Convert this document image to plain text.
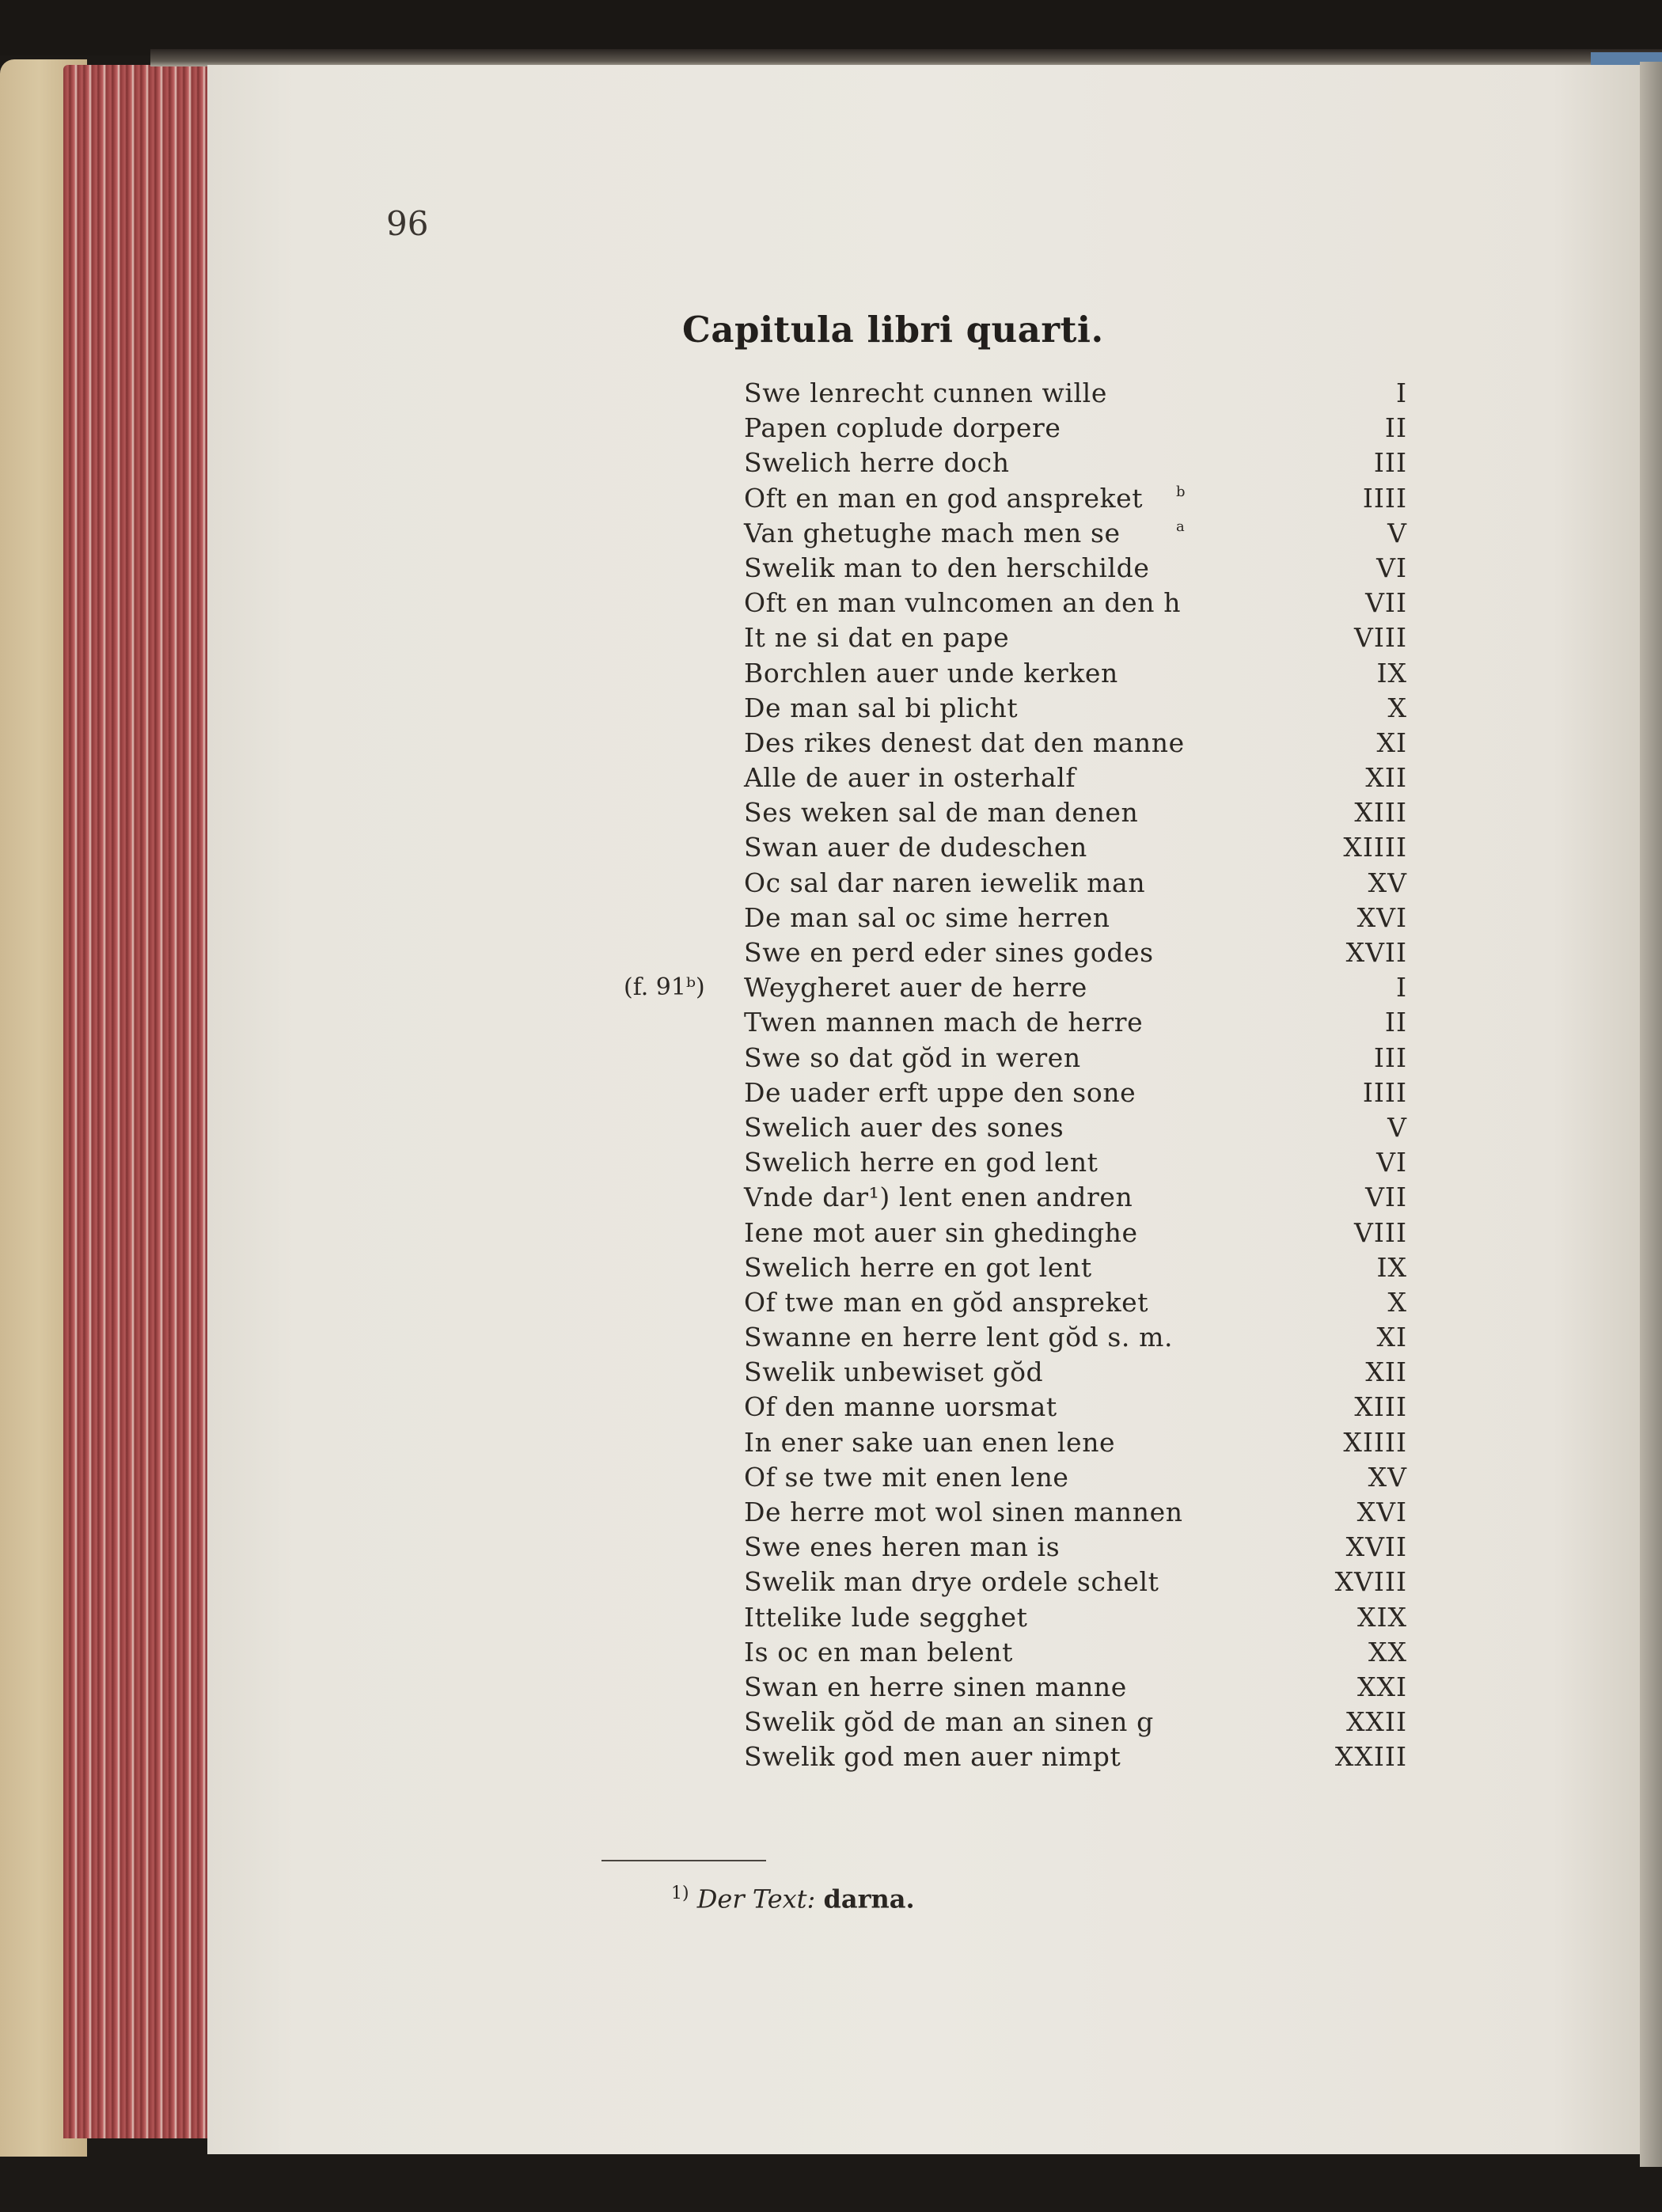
96
Capitula libri quarti.
Swe lenrecht cunnen wille	I
Papen coplude dorpere	II
Swelich herre doch	III
Oft en man en god anspreket b	IIII
Van ghetughe mach men se	a	V
Swelik man to den herschilde	VI
Oft en man vulncomen an den h	VII
It ne si dat en pape	VIII
Borchlen auer unde kerken	IX
De man sal bi plicht	X
Des rikes denest dat den manne	XI
Alle de auer in osterhalf	XII
Ses weken sal de man denen	XIII
Swan auer de dudeschen	XIIII
Oc sal dar naren iewelik man	XV
De man sal oc sime herren	XVI
Swe en perd eder sines godes	XVII
(f. 91ᵇ) Weygheret auer de herre	I
Twen mannen mach de herre	II
Swe so dat gŏd in weren	III
De uader erft uppe den sone	IIII
Swelich auer des sones	V
Swelich herre en god lent	VI
Vnde dar¹) lent enen andren	VII
Iene mot auer sin ghedinghe	VIII
Swelich herre en got lent	IX
Of twe man en gŏd anspreket	X
Swanne en herre lent gŏd s. m.	XI
Swelik unbewiset gŏd	XII
Of den manne uorsmat	XIII
In ener sake uan enen lene	XIIII
Of se twe mit enen lene	XV
De herre mot wol sinen mannen	XVI
Swe enes heren man is	XVII
Swelik man drye ordele schelt	XVIII
Ittelike lude segghet	XIX
Is oc en man belent	XX
Swan en herre sinen manne	XXI
Swelik gŏd de man an sinen g	XXII
Swelik god men auer nimpt	XXIII
$^{1)}$ Der Text: darna.
